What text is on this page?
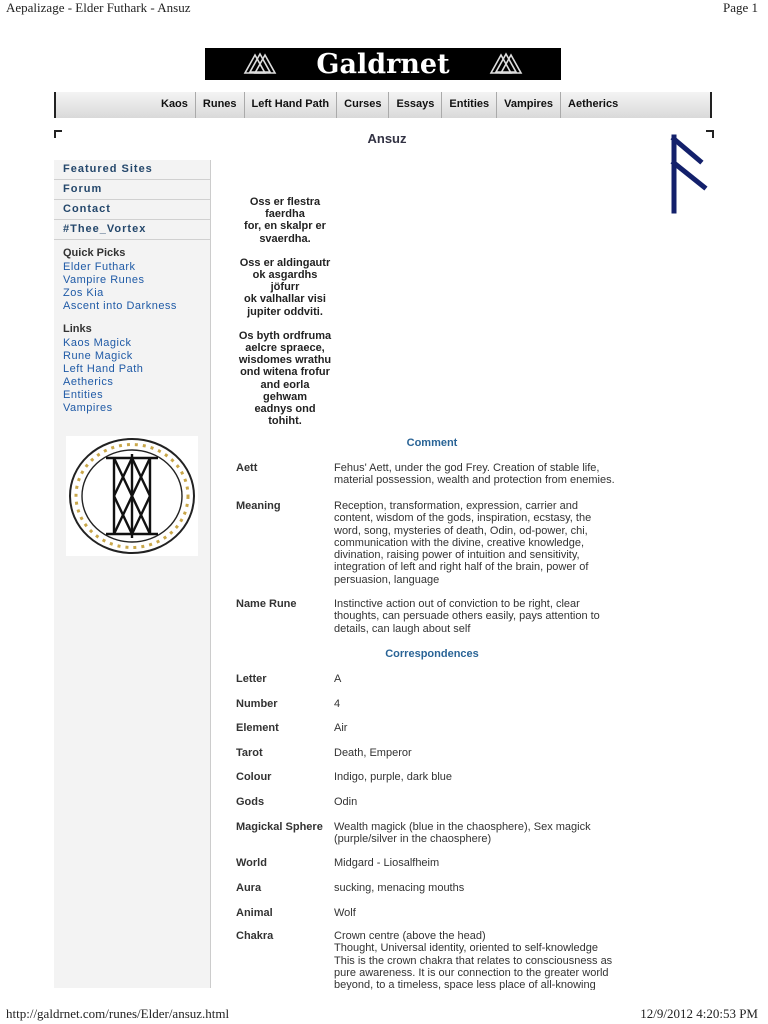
Aepalizage - Elder Futhark - Ansuz	Page 1
Galdrnet
Kaos	Runes	Left Hand Path	Curses	Essays	Entities	Vampires	Aetherics
Ansuz
Featured Sites
Forum
Contact
#Thee_Vortex
Quick Picks
Elder Futhark
Vampire Runes
Zos Kia
Ascent into Darkness
Links
Kaos Magick
Rune Magick
Left Hand Path
Aetherics
Entities
Vampires

Oss er flestra
faerdha
for, en skalpr er
svaerdha.

Oss er aldingautr
ok asgardhs
jöfurr
ok valhallar visi
jupiter oddviti.

Os byth ordfruma
aelcre spraece,
wisdomes wrathu
ond witena frofur
and eorla
gehwam
eadnys ond
tohiht.

Comment
Aett	Fehus' Aett, under the god Frey. Creation of stable life,
material possession, wealth and protection from enemies.
Meaning	Reception, transformation, expression, carrier and
content, wisdom of the gods, inspiration, ecstasy, the
word, song, mysteries of death, Odin, od-power, chi,
communication with the divine, creative knowledge,
divination, raising power of intuition and sensitivity,
integration of left and right half of the brain, power of
persuasion, language
Name Rune	Instinctive action out of conviction to be right, clear
thoughts, can persuade others easily, pays attention to
details, can laugh about self
Correspondences
Letter	A
Number	4
Element	Air
Tarot	Death, Emperor
Colour	Indigo, purple, dark blue
Gods	Odin
Magickal Sphere	Wealth magick (blue in the chaosphere), Sex magick
(purple/silver in the chaosphere)
World	Midgard - Liosalfheim
Aura	sucking, menacing mouths
Animal	Wolf
Chakra	Crown centre (above the head)
Thought, Universal identity, oriented to self-knowledge
This is the crown chakra that relates to consciousness as
pure awareness. It is our connection to the greater world
beyond, to a timeless, space less place of all-knowing
http://galdrnet.com/runes/Elder/ansuz.html	12/9/2012 4:20:53 PM
